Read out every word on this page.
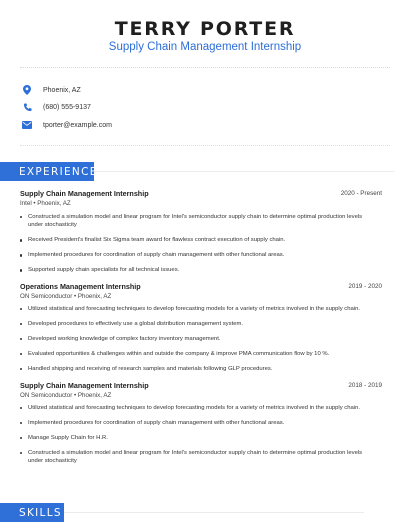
TERRY PORTER
Supply Chain Management Internship
Phoenix, AZ
(680) 555-9137
tporter@example.com
EXPERIENCE
Supply Chain Management Internship	2020 - Present
Intel • Phoenix, AZ
Constructed a simulation model and linear program for Intel's semiconductor supply chain to determine optimal production levels under stochasticity
Received President's finalist Six Sigma team award for flawless contract execution of supply chain.
Implemented procedures for coordination of supply chain management with other functional areas.
Supported supply chain specialists for all technical issues.
Operations Management Internship	2019 - 2020
ON Semiconductor • Phoenix, AZ
Utilized statistical and forecasting techniques to develop forecasting models for a variety of metrics involved in the supply chain.
Developed procedures to effectively use a global distribution management system.
Developed working knowledge of complex factory inventory management.
Evaluated opportunities & challenges within and outside the company & improve PMA communication flow by 10 %.
Handled shipping and receiving of research samples and materials following GLP procedures.
Supply Chain Management Internship	2018 - 2019
ON Semiconductor • Phoenix, AZ
Utilized statistical and forecasting techniques to develop forecasting models for a variety of metrics involved in the supply chain.
Implemented procedures for coordination of supply chain management with other functional areas.
Manage Supply Chain for H.R.
Constructed a simulation model and linear program for Intel's semiconductor supply chain to determine optimal production levels under stochasticity
SKILLS
